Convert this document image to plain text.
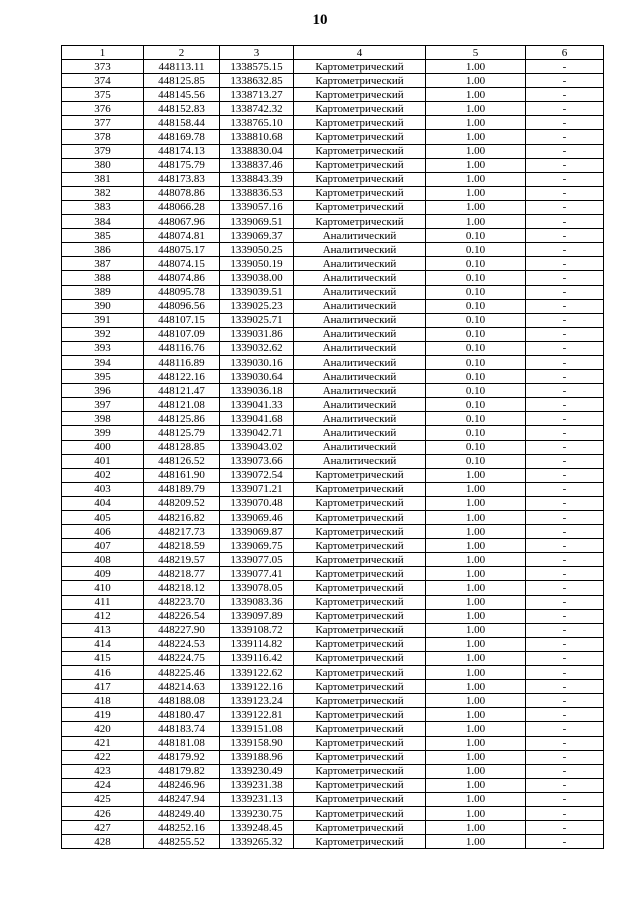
10
1	2	3	4	5	6
373	448113.11	1338575.15	Картометрический	1.00	-
374	448125.85	1338632.85	Картометрический	1.00	-
375	448145.56	1338713.27	Картометрический	1.00	-
376	448152.83	1338742.32	Картометрический	1.00	-
377	448158.44	1338765.10	Картометрический	1.00	-
378	448169.78	1338810.68	Картометрический	1.00	-
379	448174.13	1338830.04	Картометрический	1.00	-
380	448175.79	1338837.46	Картометрический	1.00	-
381	448173.83	1338843.39	Картометрический	1.00	-
382	448078.86	1338836.53	Картометрический	1.00	-
383	448066.28	1339057.16	Картометрический	1.00	-
384	448067.96	1339069.51	Картометрический	1.00	-
385	448074.81	1339069.37	Аналитический	0.10	-
386	448075.17	1339050.25	Аналитический	0.10	-
387	448074.15	1339050.19	Аналитический	0.10	-
388	448074.86	1339038.00	Аналитический	0.10	-
389	448095.78	1339039.51	Аналитический	0.10	-
390	448096.56	1339025.23	Аналитический	0.10	-
391	448107.15	1339025.71	Аналитический	0.10	-
392	448107.09	1339031.86	Аналитический	0.10	-
393	448116.76	1339032.62	Аналитический	0.10	-
394	448116.89	1339030.16	Аналитический	0.10	-
395	448122.16	1339030.64	Аналитический	0.10	-
396	448121.47	1339036.18	Аналитический	0.10	-
397	448121.08	1339041.33	Аналитический	0.10	-
398	448125.86	1339041.68	Аналитический	0.10	-
399	448125.79	1339042.71	Аналитический	0.10	-
400	448128.85	1339043.02	Аналитический	0.10	-
401	448126.52	1339073.66	Аналитический	0.10	-
402	448161.90	1339072.54	Картометрический	1.00	-
403	448189.79	1339071.21	Картометрический	1.00	-
404	448209.52	1339070.48	Картометрический	1.00	-
405	448216.82	1339069.46	Картометрический	1.00	-
406	448217.73	1339069.87	Картометрический	1.00	-
407	448218.59	1339069.75	Картометрический	1.00	-
408	448219.57	1339077.05	Картометрический	1.00	-
409	448218.77	1339077.41	Картометрический	1.00	-
410	448218.12	1339078.05	Картометрический	1.00	-
411	448223.70	1339083.36	Картометрический	1.00	-
412	448226.54	1339097.89	Картометрический	1.00	-
413	448227.90	1339108.72	Картометрический	1.00	-
414	448224.53	1339114.82	Картометрический	1.00	-
415	448224.75	1339116.42	Картометрический	1.00	-
416	448225.46	1339122.62	Картометрический	1.00	-
417	448214.63	1339122.16	Картометрический	1.00	-
418	448188.08	1339123.24	Картометрический	1.00	-
419	448180.47	1339122.81	Картометрический	1.00	-
420	448183.74	1339151.08	Картометрический	1.00	-
421	448181.08	1339158.90	Картометрический	1.00	-
422	448179.92	1339188.96	Картометрический	1.00	-
423	448179.82	1339230.49	Картометрический	1.00	-
424	448246.96	1339231.38	Картометрический	1.00	-
425	448247.94	1339231.13	Картометрический	1.00	-
426	448249.40	1339230.75	Картометрический	1.00	-
427	448252.16	1339248.45	Картометрический	1.00	-
428	448255.52	1339265.32	Картометрический	1.00	-
